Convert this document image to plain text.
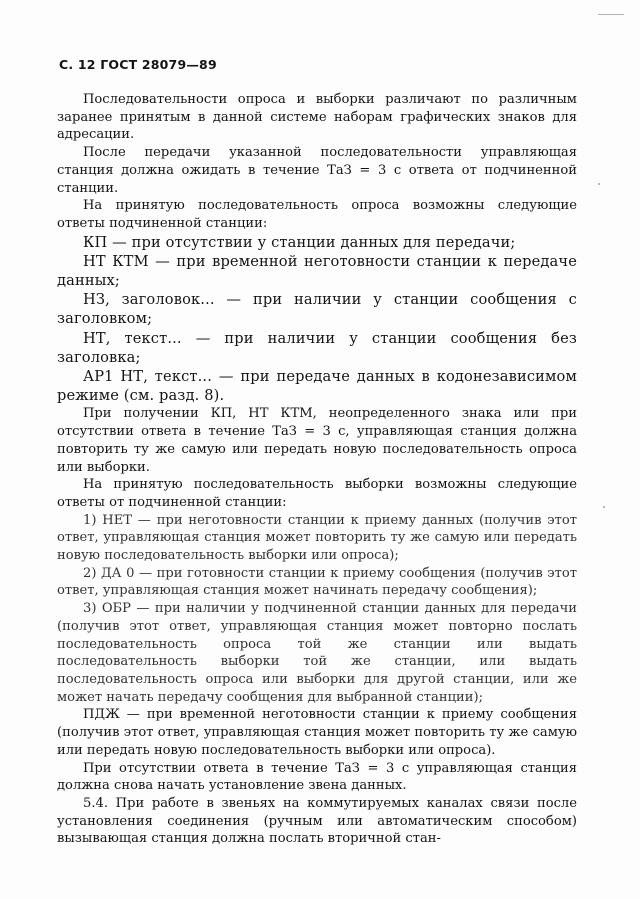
С. 12 ГОСТ 28079—89

Последовательности опроса и выборки различают по различным заранее принятым в данной системе наборам графических знаков для адресации.

После передачи указанной последовательности управляющая станция должна ожидать в течение ТаЗ = 3 с ответа от подчиненной станции.

На принятую последовательность опроса возможны следующие ответы подчиненной станции:

КП — при отсутствии у станции данных для передачи;

НТ КТМ — при временной неготовности станции к передаче данных;

НЗ, заголовок... — при наличии у станции сообщения с заголовком;

НТ, текст... — при наличии у станции сообщения без заголовка;

АР1 НТ, текст... — при передаче данных в кодонезависимом режиме (см. разд. 8).

При получении КП, НТ КТМ, неопределенного знака или при отсутствии ответа в течение ТаЗ = 3 с, управляющая станция должна повторить ту же самую или передать новую последовательность опроса или выборки.

На принятую последовательность выборки возможны следующие ответы от подчиненной станции:

1) НЕТ — при неготовности станции к приему данных (получив этот ответ, управляющая станция может повторить ту же самую или передать новую последовательность выборки или опроса);

2) ДА 0 — при готовности станции к приему сообщения (получив этот ответ, управляющая станция может начинать передачу сообщения);

3) ОБР — при наличии у подчиненной станции данных для передачи (получив этот ответ, управляющая станция может повторно послать последовательность опроса той же станции или выдать последовательность выборки той же станции, или выдать последовательность опроса или выборки для другой станции, или же может начать передачу сообщения для выбранной станции);

ПДЖ — при временной неготовности станции к приему сообщения (получив этот ответ, управляющая станция может повторить ту же самую или передать новую последовательность выборки или опроса).

При отсутствии ответа в течение ТаЗ = 3 с управляющая станция должна снова начать установление звена данных.

5.4. При работе в звеньях на коммутируемых каналах связи после установления соединения (ручным или автоматическим способом) вызывающая станция должна послать вторичной стан-
